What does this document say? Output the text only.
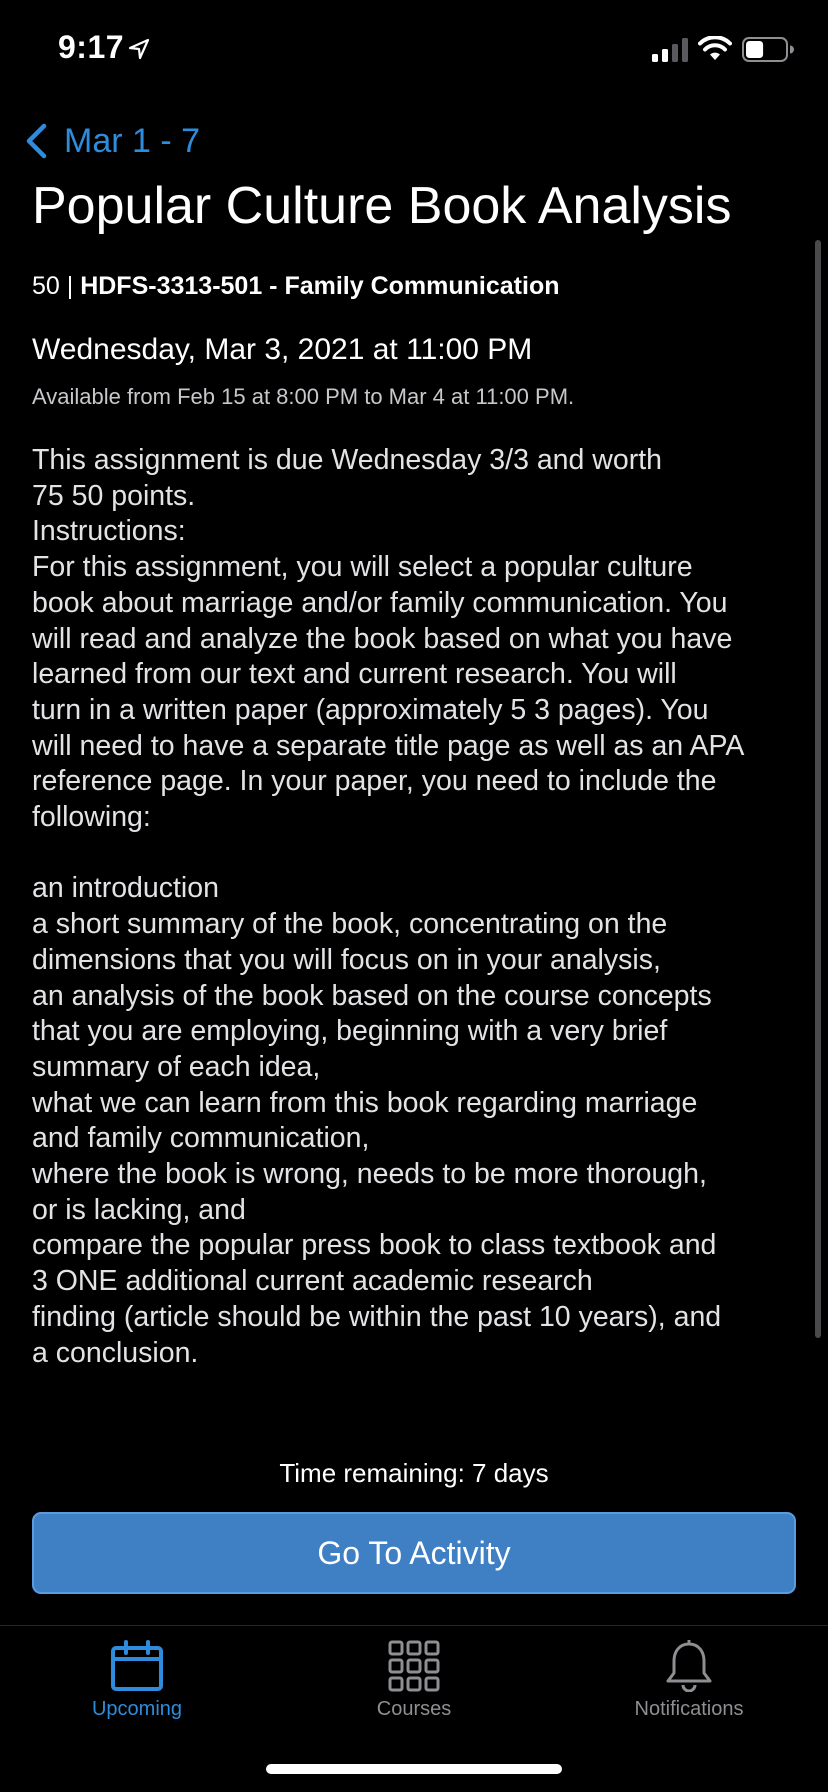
9:17
Mar 1 - 7
Popular Culture Book Analysis
50 | HDFS-3313-501 - Family Communication
Wednesday, Mar 3, 2021 at 11:00 PM
Available from Feb 15 at 8:00 PM to Mar 4 at 11:00 PM.
This assignment is due Wednesday 3/3 and worth
75 50 points.
Instructions:
For this assignment, you will select a popular culture
book about marriage and/or family communication. You
will read and analyze the book based on what you have
learned from our text and current research. You will
turn in a written paper (approximately 5 3 pages). You
will need to have a separate title page as well as an APA
reference page. In your paper, you need to include the
following:
an introduction
a short summary of the book, concentrating on the
dimensions that you will focus on in your analysis,
an analysis of the book based on the course concepts
that you are employing, beginning with a very brief
summary of each idea,
what we can learn from this book regarding marriage
and family communication,
where the book is wrong, needs to be more thorough,
or is lacking, and
compare the popular press book to class textbook and
3 ONE additional current academic research
finding (article should be within the past 10 years), and
a conclusion.
Time remaining: 7 days
Go To Activity
Upcoming	Courses	Notifications
